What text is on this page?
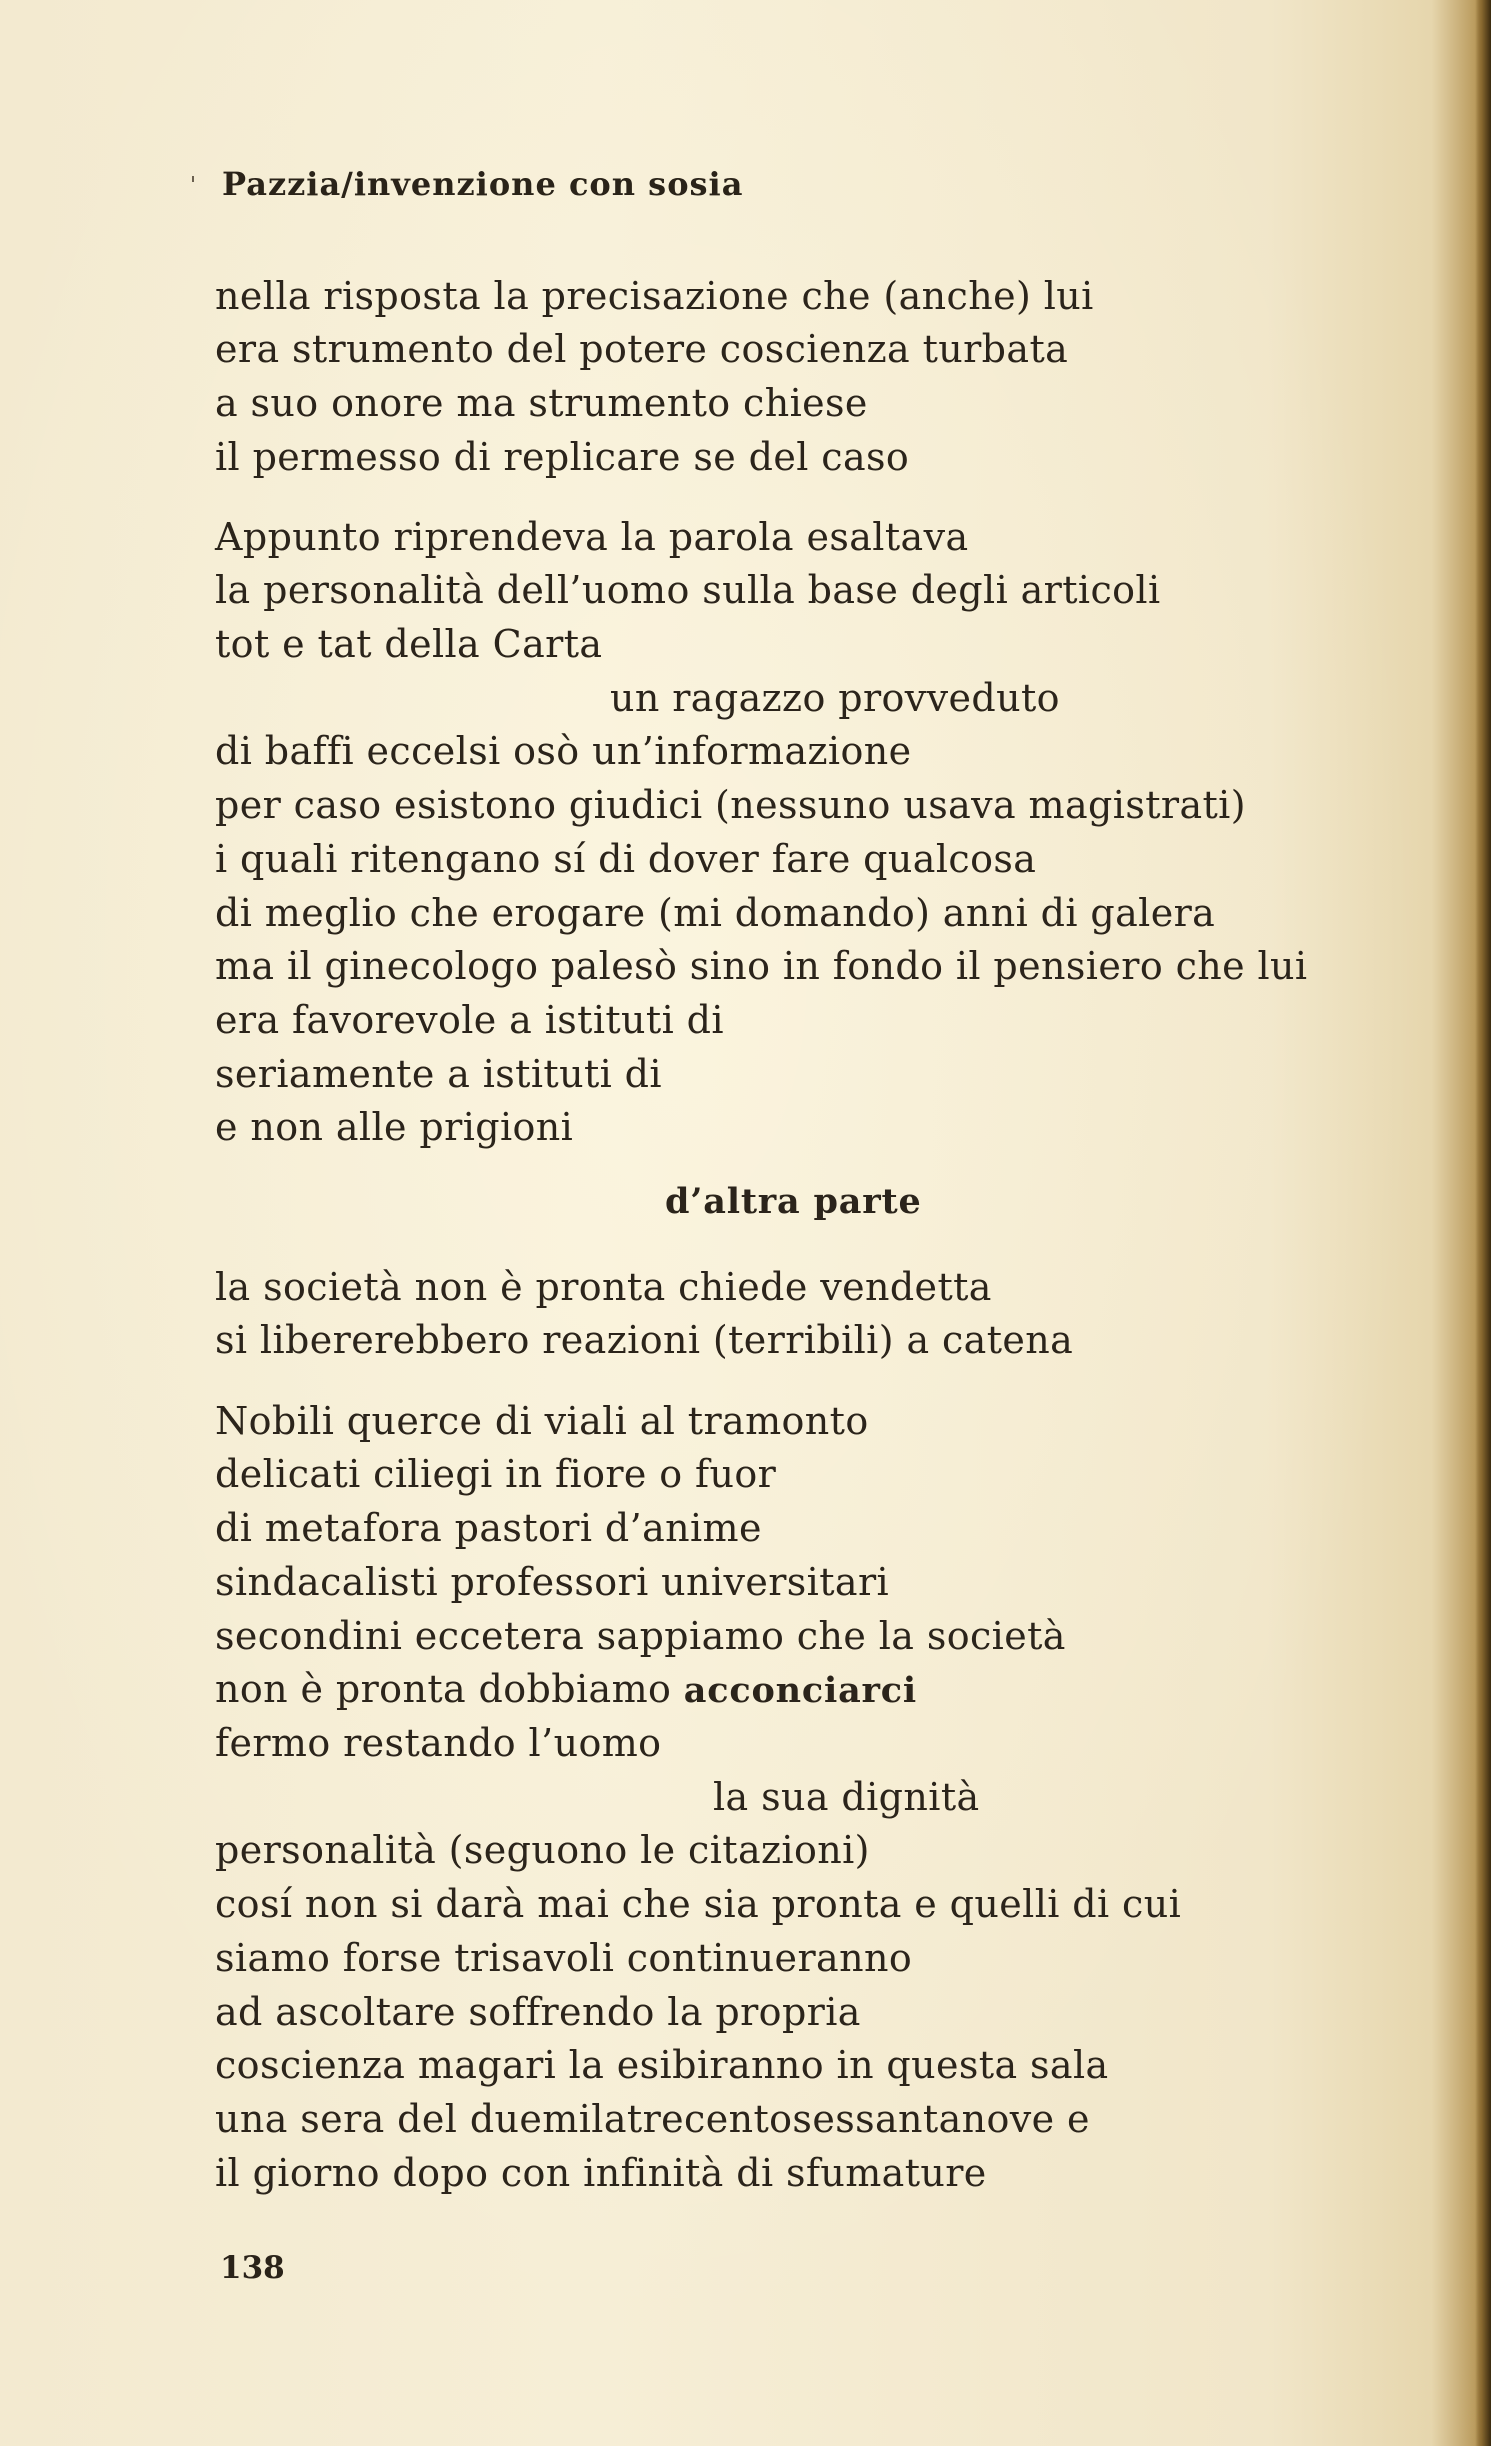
Pazzia/invenzione con sosia
nella risposta la precisazione che (anche) lui
era strumento del potere coscienza turbata
a suo onore ma strumento chiese
il permesso di replicare se del caso
Appunto riprendeva la parola esaltava
la personalità dell’uomo sulla base degli articoli
tot e tat della Carta
un ragazzo provveduto
di baffi eccelsi osò un’informazione
per caso esistono giudici (nessuno usava magistrati)
i quali ritengano sí di dover fare qualcosa
di meglio che erogare (mi domando) anni di galera
ma il ginecologo palesò sino in fondo il pensiero che lui
era favorevole a istituti di
seriamente a istituti di
e non alle prigioni
d’altra parte
la società non è pronta chiede vendetta
si libererebbero reazioni (terribili) a catena
Nobili querce di viali al tramonto
delicati ciliegi in fiore o fuor
di metafora pastori d’anime
sindacalisti professori universitari
secondini eccetera sappiamo che la società
non è pronta dobbiamo acconciarci
fermo restando l’uomo
la sua dignità
personalità (seguono le citazioni)
cosí non si darà mai che sia pronta e quelli di cui
siamo forse trisavoli continueranno
ad ascoltare soffrendo la propria
coscienza magari la esibiranno in questa sala
una sera del duemilatrecentosessantanove e
il giorno dopo con infinità di sfumature
138
